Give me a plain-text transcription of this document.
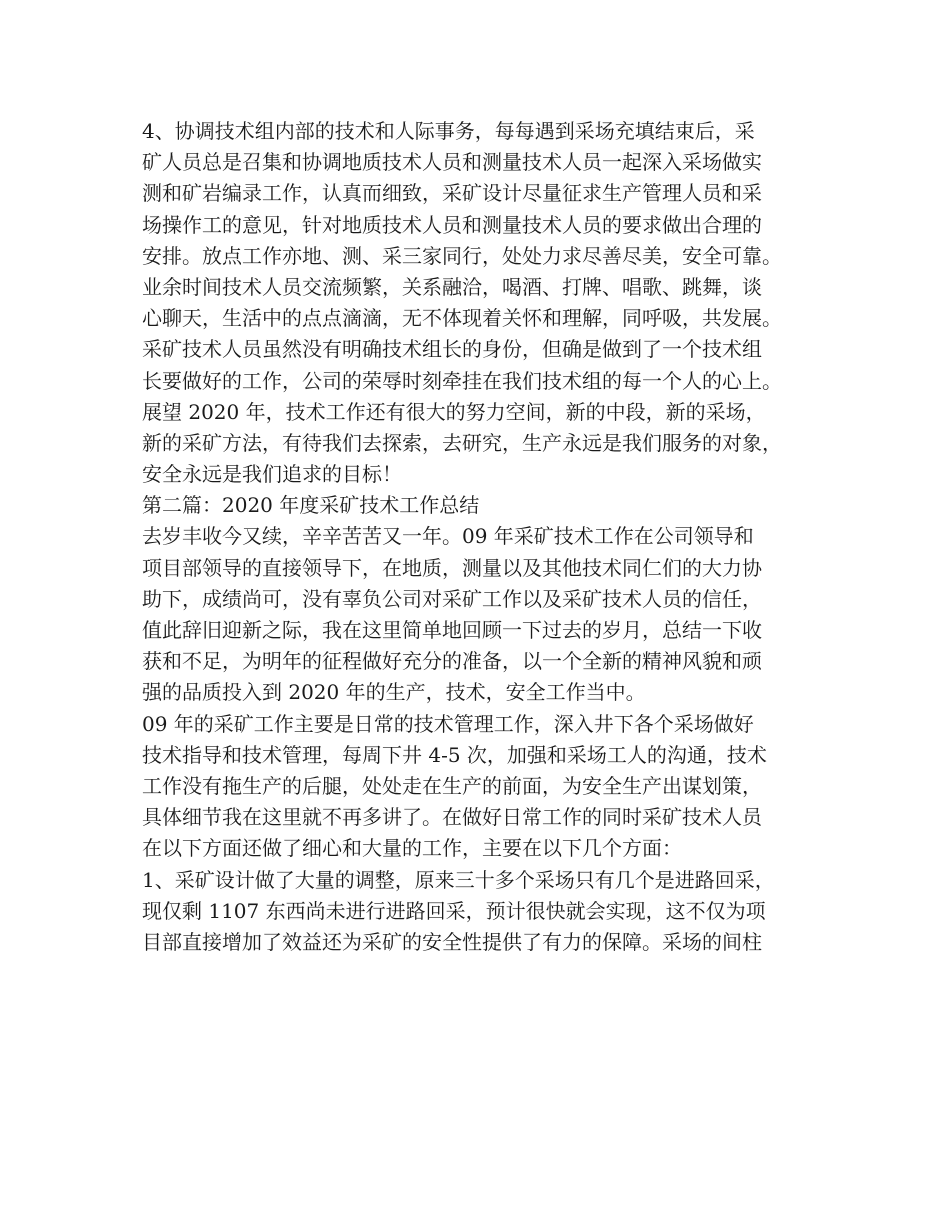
4、协调技术组内部的技术和人际事务，每每遇到采场充填结束后，采
矿人员总是召集和协调地质技术人员和测量技术人员一起深入采场做实
测和矿岩编录工作，认真而细致，采矿设计尽量征求生产管理人员和采
场操作工的意见，针对地质技术人员和测量技术人员的要求做出合理的
安排。放点工作亦地、测、采三家同行，处处力求尽善尽美，安全可靠。
业余时间技术人员交流频繁，关系融洽，喝酒、打牌、唱歌、跳舞，谈
心聊天，生活中的点点滴滴，无不体现着关怀和理解，同呼吸，共发展。
采矿技术人员虽然没有明确技术组长的身份，但确是做到了一个技术组
长要做好的工作，公司的荣辱时刻牵挂在我们技术组的每一个人的心上。
展望 2020 年，技术工作还有很大的努力空间，新的中段，新的采场，
新的采矿方法，有待我们去探索，去研究，生产永远是我们服务的对象，
安全永远是我们追求的目标！
第二篇：2020 年度采矿技术工作总结
去岁丰收今又续，辛辛苦苦又一年。09 年采矿技术工作在公司领导和
项目部领导的直接领导下，在地质，测量以及其他技术同仁们的大力协
助下，成绩尚可，没有辜负公司对采矿工作以及采矿技术人员的信任，
值此辞旧迎新之际，我在这里简单地回顾一下过去的岁月，总结一下收
获和不足，为明年的征程做好充分的准备，以一个全新的精神风貌和顽
强的品质投入到 2020 年的生产，技术，安全工作当中。
09 年的采矿工作主要是日常的技术管理工作，深入井下各个采场做好
技术指导和技术管理，每周下井 4-5 次，加强和采场工人的沟通，技术
工作没有拖生产的后腿，处处走在生产的前面，为安全生产出谋划策，
具体细节我在这里就不再多讲了。在做好日常工作的同时采矿技术人员
在以下方面还做了细心和大量的工作，主要在以下几个方面：
1、采矿设计做了大量的调整，原来三十多个采场只有几个是进路回采，
现仅剩 1107 东西尚未进行进路回采，预计很快就会实现，这不仅为项
目部直接增加了效益还为采矿的安全性提供了有力的保障。采场的间柱
